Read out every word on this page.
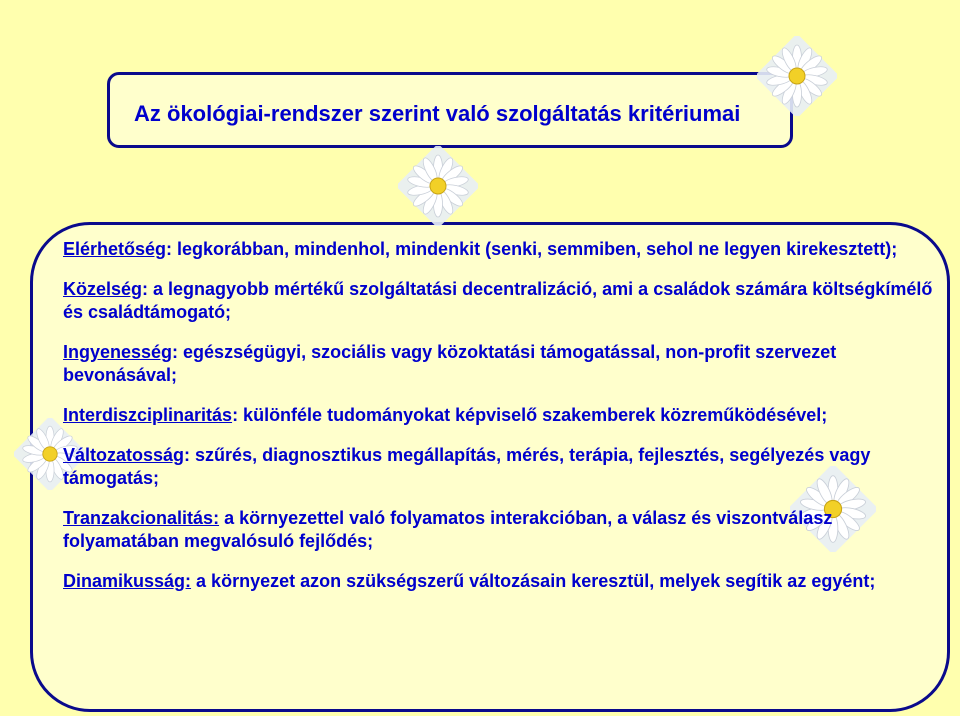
Az ökológiai-rendszer szerint való szolgáltatás kritériumai
Elérhetőség: legkorábban, mindenhol, mindenkit (senki, semmiben, sehol ne legyen kirekesztett);
Közelség: a legnagyobb mértékű szolgáltatási decentralizáció, ami a családok számára költségkímélő és családtámogató;
Ingyenesség: egészségügyi, szociális vagy közoktatási támogatással, non-profit szervezet bevonásával;
Interdiszciplinaritás: különféle tudományokat képviselő szakemberek közreműködésével;
Változatosság: szűrés, diagnosztikus megállapítás, mérés, terápia, fejlesztés, segélyezés vagy támogatás;
Tranzakcionalitás: a környezettel való folyamatos interakcióban, a válasz és viszontválasz folyamatában megvalósuló fejlődés;
Dinamikusság: a környezet azon szükségszerű változásain keresztül, melyek segítik az egyént;
